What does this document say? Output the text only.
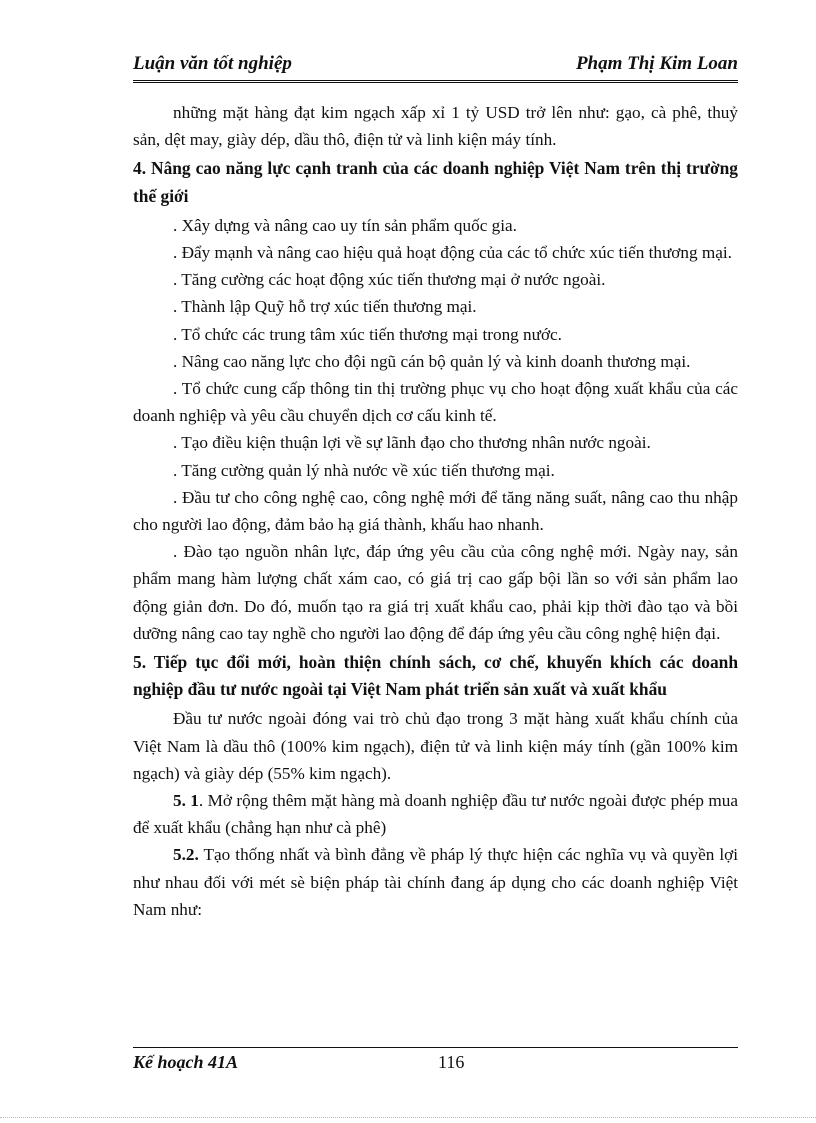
Luận văn tốt nghiệp	Phạm Thị Kim Loan

những mặt hàng đạt kim ngạch xấp xỉ 1 tỷ USD trở lên như: gạo, cà phê, thuỷ sản, dệt may, giày dép, dầu thô, điện tử và linh kiện máy tính.

4. Nâng cao năng lực cạnh tranh của các doanh nghiệp Việt Nam trên thị trường thế giới

. Xây dựng và nâng cao uy tín sản phẩm quốc gia.

. Đẩy mạnh và nâng cao hiệu quả hoạt động của các tổ chức xúc tiến thương mại.

. Tăng cường các hoạt động xúc tiến thương mại ở nước ngoài.

. Thành lập Quỹ hỗ trợ xúc tiến thương mại.

. Tổ chức các trung tâm xúc tiến thương mại trong nước.

. Nâng cao năng lực cho đội ngũ cán bộ quản lý và kinh doanh thương mại.

. Tổ chức cung cấp thông tin thị trường phục vụ cho hoạt động xuất khẩu của các doanh nghiệp và yêu cầu chuyển dịch cơ cấu kinh tế.

. Tạo điều kiện thuận lợi về sự lãnh đạo cho thương nhân nước ngoài.

. Tăng cường quản lý nhà nước về xúc tiến thương mại.

. Đầu tư cho công nghệ cao, công nghệ mới để tăng năng suất, nâng cao thu nhập cho người lao động, đảm bảo hạ giá thành, khấu hao nhanh.

. Đào tạo nguồn nhân lực, đáp ứng yêu cầu của công nghệ mới. Ngày nay, sản phẩm mang hàm lượng chất xám cao, có giá trị cao gấp bội lần so với sản phẩm lao động giản đơn. Do đó, muốn tạo ra giá trị xuất khẩu cao, phải kịp thời đào tạo và bồi dưỡng nâng cao tay nghề cho người lao động để đáp ứng yêu cầu công nghệ hiện đại.

5. Tiếp tục đổi mới, hoàn thiện chính sách, cơ chế, khuyến khích các doanh nghiệp đầu tư nước ngoài tại Việt Nam phát triển sản xuất và xuất khẩu

Đầu tư nước ngoài đóng vai trò chủ đạo trong 3 mặt hàng xuất khẩu chính của Việt Nam là dầu thô (100% kim ngạch), điện tử và linh kiện máy tính (gần 100% kim ngạch) và giày dép (55% kim ngạch).

5. 1. Mở rộng thêm mặt hàng mà doanh nghiệp đầu tư nước ngoài được phép mua để xuất khẩu (chẳng hạn như cà phê)

5.2. Tạo thống nhất và bình đẳng về pháp lý thực hiện các nghĩa vụ và quyền lợi như nhau đối với mét sè biện pháp tài chính đang áp dụng cho các doanh nghiệp Việt Nam như:

Kế hoạch 41A	116
